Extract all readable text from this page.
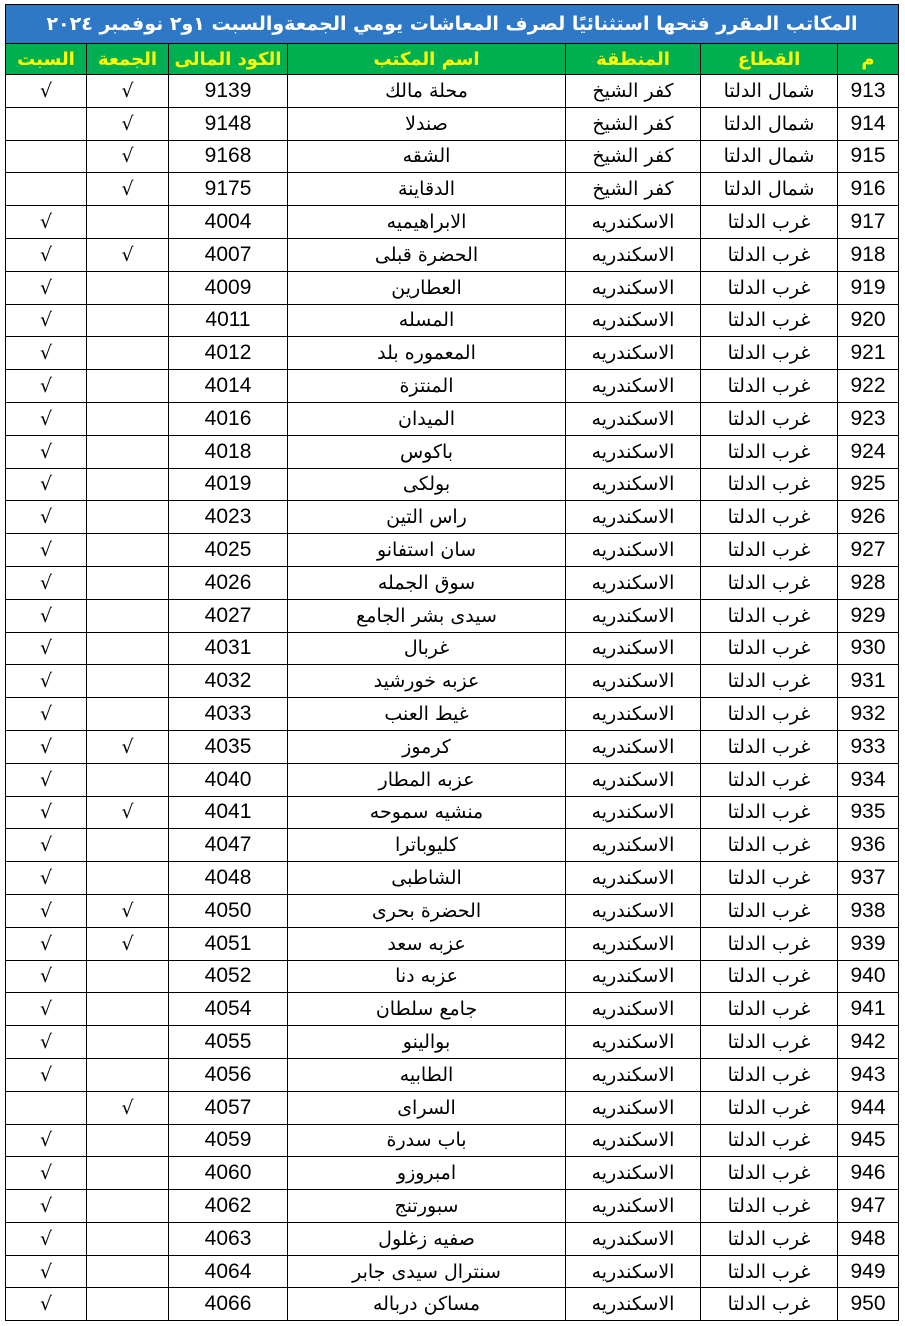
المكاتب المقرر فتحها استثنائيًا لصرف المعاشات يومي الجمعةوالسبت ١و٢ نوفمبر ٢٠٢٤						
م	القطاع	المنطقة	اسم المكتب	الكود المالى	الجمعة	السبت
913	شمال الدلتا	كفر الشيخ	محلة مالك	9139	√	√
914	شمال الدلتا	كفر الشيخ	صندلا	9148	√	
915	شمال الدلتا	كفر الشيخ	الشقه	9168	√	
916	شمال الدلتا	كفر الشيخ	الدقاينة	9175	√	
917	غرب الدلتا	الاسكندريه	الابراهيميه	4004		√
918	غرب الدلتا	الاسكندريه	الحضرة قبلى	4007	√	√
919	غرب الدلتا	الاسكندريه	العطارين	4009		√
920	غرب الدلتا	الاسكندريه	المسله	4011		√
921	غرب الدلتا	الاسكندريه	المعموره بلد	4012		√
922	غرب الدلتا	الاسكندريه	المنتزة	4014		√
923	غرب الدلتا	الاسكندريه	الميدان	4016		√
924	غرب الدلتا	الاسكندريه	باكوس	4018		√
925	غرب الدلتا	الاسكندريه	بولكى	4019		√
926	غرب الدلتا	الاسكندريه	راس التين	4023		√
927	غرب الدلتا	الاسكندريه	سان استفانو	4025		√
928	غرب الدلتا	الاسكندريه	سوق الجمله	4026		√
929	غرب الدلتا	الاسكندريه	سيدى بشر الجامع	4027		√
930	غرب الدلتا	الاسكندريه	غربال	4031		√
931	غرب الدلتا	الاسكندريه	عزبه خورشيد	4032		√
932	غرب الدلتا	الاسكندريه	غيط العنب	4033		√
933	غرب الدلتا	الاسكندريه	كرموز	4035	√	√
934	غرب الدلتا	الاسكندريه	عزبه المطار	4040		√
935	غرب الدلتا	الاسكندريه	منشيه سموحه	4041	√	√
936	غرب الدلتا	الاسكندريه	كليوباترا	4047		√
937	غرب الدلتا	الاسكندريه	الشاطبى	4048		√
938	غرب الدلتا	الاسكندريه	الحضرة بحرى	4050	√	√
939	غرب الدلتا	الاسكندريه	عزبه سعد	4051	√	√
940	غرب الدلتا	الاسكندريه	عزبه دنا	4052		√
941	غرب الدلتا	الاسكندريه	جامع سلطان	4054		√
942	غرب الدلتا	الاسكندريه	بوالينو	4055		√
943	غرب الدلتا	الاسكندريه	الطابيه	4056		√
944	غرب الدلتا	الاسكندريه	السراى	4057	√	
945	غرب الدلتا	الاسكندريه	باب سدرة	4059		√
946	غرب الدلتا	الاسكندريه	امبروزو	4060		√
947	غرب الدلتا	الاسكندريه	سبورتنج	4062		√
948	غرب الدلتا	الاسكندريه	صفيه زغلول	4063		√
949	غرب الدلتا	الاسكندريه	سنترال سيدى جابر	4064		√
950	غرب الدلتا	الاسكندريه	مساكن درباله	4066		√
